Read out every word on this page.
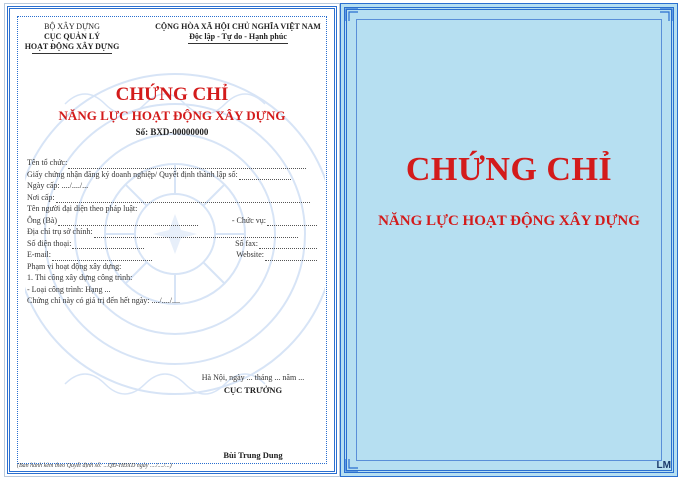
BỘ XÂY DỰNG
CỤC QUẢN LÝ
HOẠT ĐỘNG XÂY DỰNG
CỘNG HÒA XÃ HỘI CHỦ NGHĨA VIỆT NAM
Độc lập - Tự do - Hạnh phúc
CHỨNG CHỈ
NĂNG LỰC HOẠT ĐỘNG XÂY DỰNG
Số: BXD-00000000
Tên tổ chức:
Giấy chứng nhận đăng ký doanh nghiệp/ Quyết định thành lập số:
Ngày cấp: ..../..../...
Nơi cấp:
Tên người đại diện theo pháp luật:
Ông (Bà)	- Chức vụ:
Địa chỉ trụ sở chính:
Số điện thoại:	Số fax:
E-mail:	Website:
Phạm vi hoạt động xây dựng:
1. Thi công xây dựng công trình:
- Loại công trình: Hạng ...
Chứng chỉ này có giá trị đến hết ngày: ..../..../....
Hà Nội, ngày ... tháng ... năm ...
CỤC TRƯỞNG
Bùi Trung Dung
(Ban hành kèm theo Quyết định số: ...QĐ-HĐXD ngày ..../..../...)
CHỨNG CHỈ
NĂNG LỰC HOẠT ĐỘNG XÂY DỰNG
LM
